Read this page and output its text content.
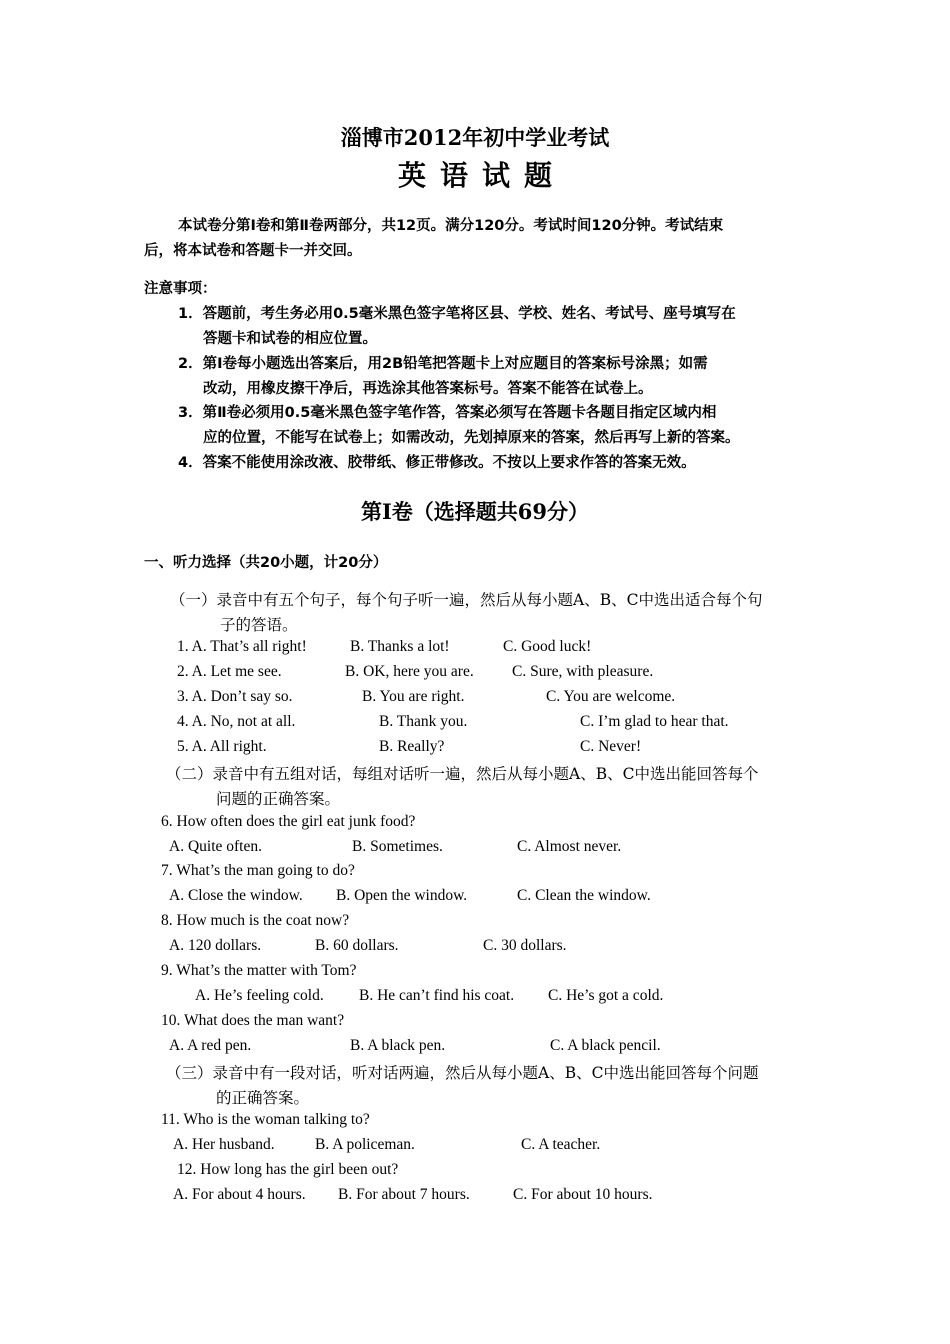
淄博市2012年初中学业考试
英语试题
本试卷分第Ⅰ卷和第Ⅱ卷两部分，共12页。满分120分。考试时间120分钟。考试结束
后，将本试卷和答题卡一并交回。
注意事项：
1．答题前，考生务必用0.5毫米黑色签字笔将区县、学校、姓名、考试号、座号填写在
答题卡和试卷的相应位置。
2．第Ⅰ卷每小题选出答案后，用2B铅笔把答题卡上对应题目的答案标号涂黑；如需
改动，用橡皮擦干净后，再选涂其他答案标号。答案不能答在试卷上。
3．第Ⅱ卷必须用0.5毫米黑色签字笔作答，答案必须写在答题卡各题目指定区域内相
应的位置，不能写在试卷上；如需改动，先划掉原来的答案，然后再写上新的答案。
4．答案不能使用涂改液、胶带纸、修正带修改。不按以上要求作答的答案无效。
第Ⅰ卷（选择题共69分）
一、听力选择（共20小题，计20分）
（一）录音中有五个句子，每个句子听一遍，然后从每小题A、B、C中选出适合每个句
子的答语。
1. A. That’s all right!	B. Thanks a lot!	C. Good luck!
2. A. Let me see.	B. OK, here you are. C. Sure, with pleasure.
3. A. Don’t say so.	B. You are right.	C. You are welcome.
4. A. No, not at all.	B. Thank you.	C. I’m glad to hear that.
5. A. All right.	B. Really?	C. Never!
（二）录音中有五组对话，每组对话听一遍，然后从每小题A、B、C中选出能回答每个
问题的正确答案。
6. How often does the girl eat junk food?
A. Quite often.	B. Sometimes.	C. Almost never.
7. What’s the man going to do?
A. Close the window. B. Open the window.	C. Clean the window.
8. How much is the coat now?
A. 120 dollars.	B. 60 dollars.	C. 30 dollars.
9. What’s the matter with Tom?
A. He’s feeling cold. B. He can’t find his coat. C. He’s got a cold.
10. What does the man want?
A. A red pen.	B. A black pen.	C. A black pencil.
（三）录音中有一段对话，听对话两遍，然后从每小题A、B、C中选出能回答每个问题
的正确答案。
11. Who is the woman talking to?
A. Her husband.	B. A policeman.	C. A teacher.
12. How long has the girl been out?
A. For about 4 hours. B. For about 7 hours.	C. For about 10 hours.
